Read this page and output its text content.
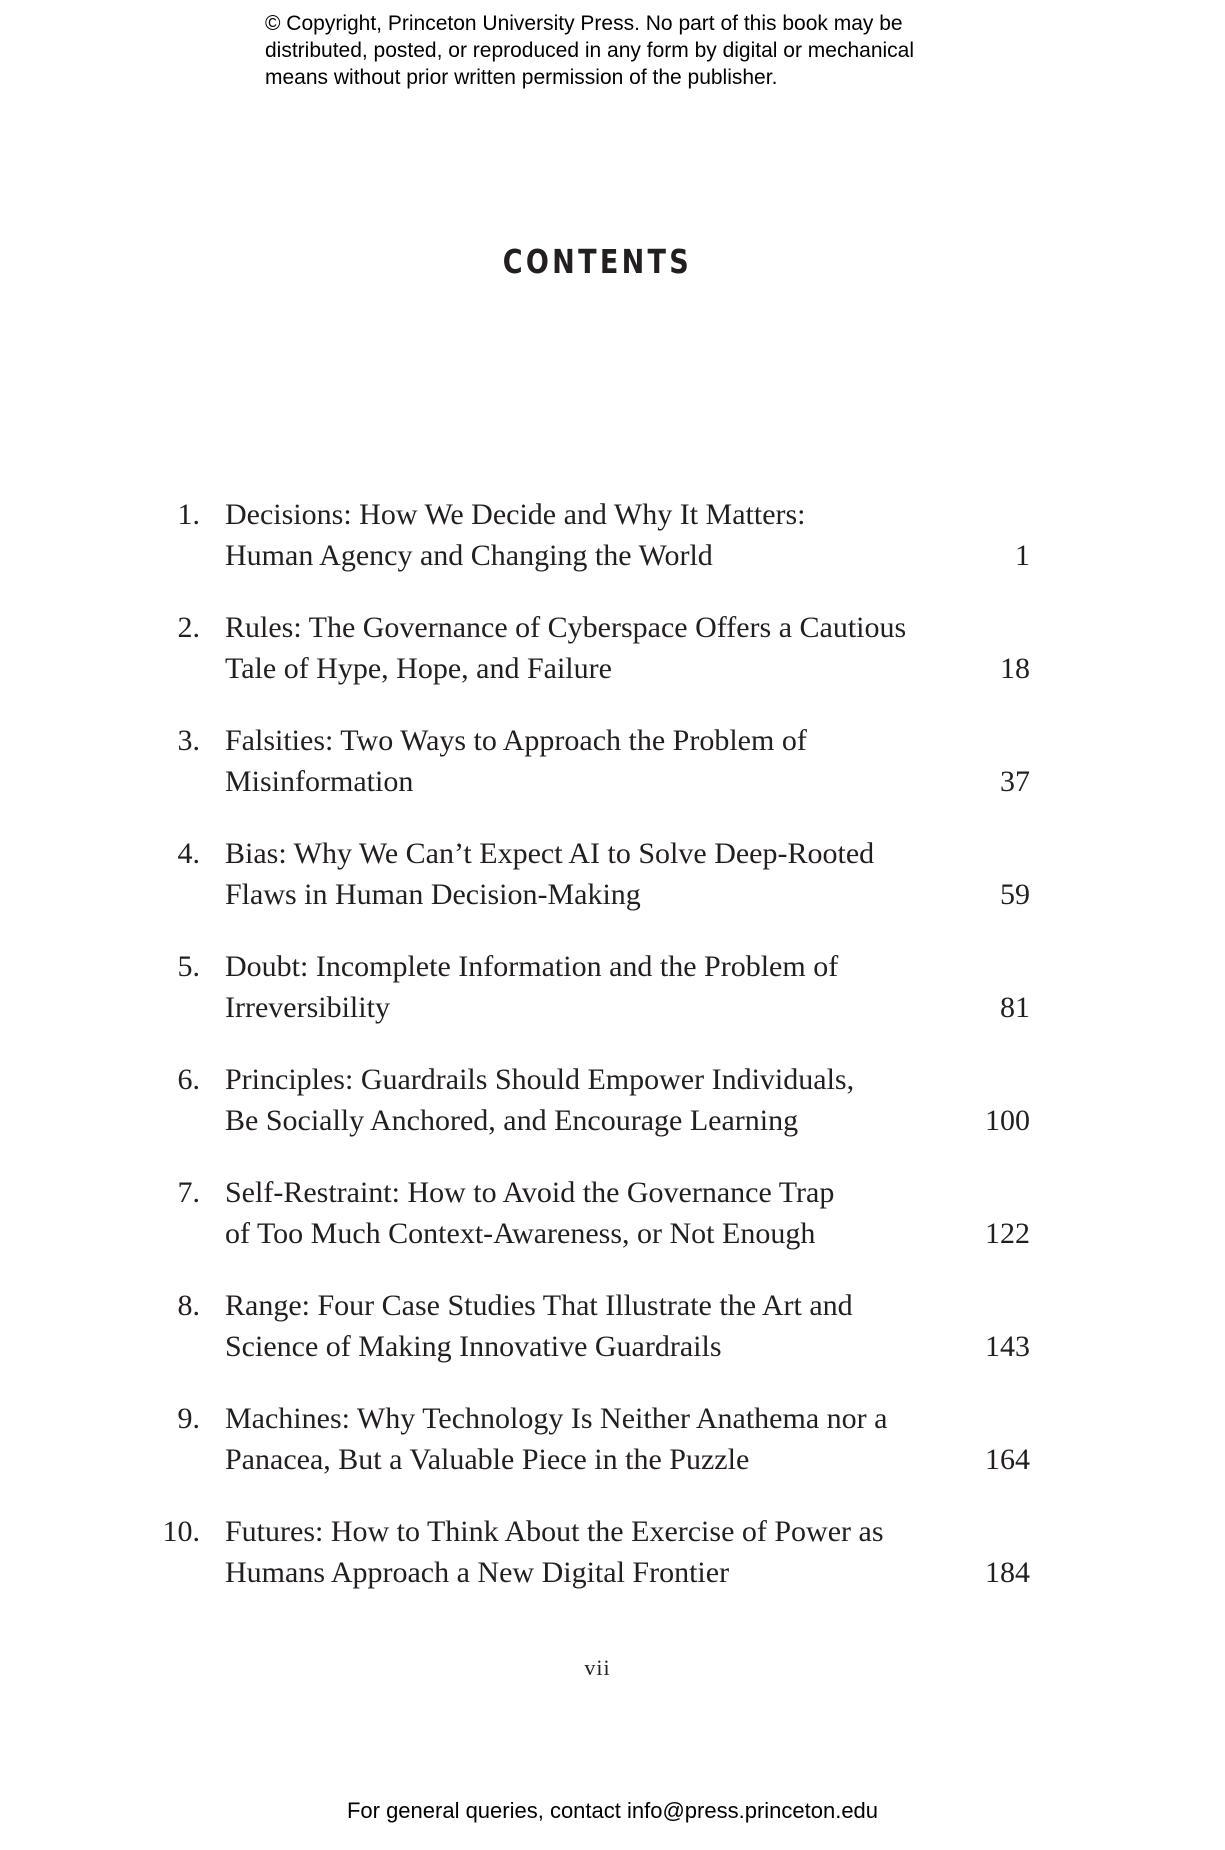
© Copyright, Princeton University Press. No part of this book may be
distributed, posted, or reproduced in any form by digital or mechanical
means without prior written permission of the publisher.
CONTENTS
1. Decisions: How We Decide and Why It Matters:
Human Agency and Changing the World	1
2. Rules: The Governance of Cyberspace Offers a Cautious
Tale of Hype, Hope, and Failure	18
3. Falsities: Two Ways to Approach the Problem of
Misinformation	37
4. Bias: Why We Can’t Expect AI to Solve Deep-Rooted
Flaws in Human Decision-Making	59
5. Doubt: Incomplete Information and the Problem of
Irreversibility	81
6. Principles: Guardrails Should Empower Individuals,
Be Socially Anchored, and Encourage Learning	100
7. Self-Restraint: How to Avoid the Governance Trap
of Too Much Context-Awareness, or Not Enough	122
8. Range: Four Case Studies That Illustrate the Art and
Science of Making Innovative Guardrails	143
9. Machines: Why Technology Is Neither Anathema nor a
Panacea, But a Valuable Piece in the Puzzle	164
10. Futures: How to Think About the Exercise of Power as
Humans Approach a New Digital Frontier	184
vii
For general queries, contact info@press.princeton.edu
